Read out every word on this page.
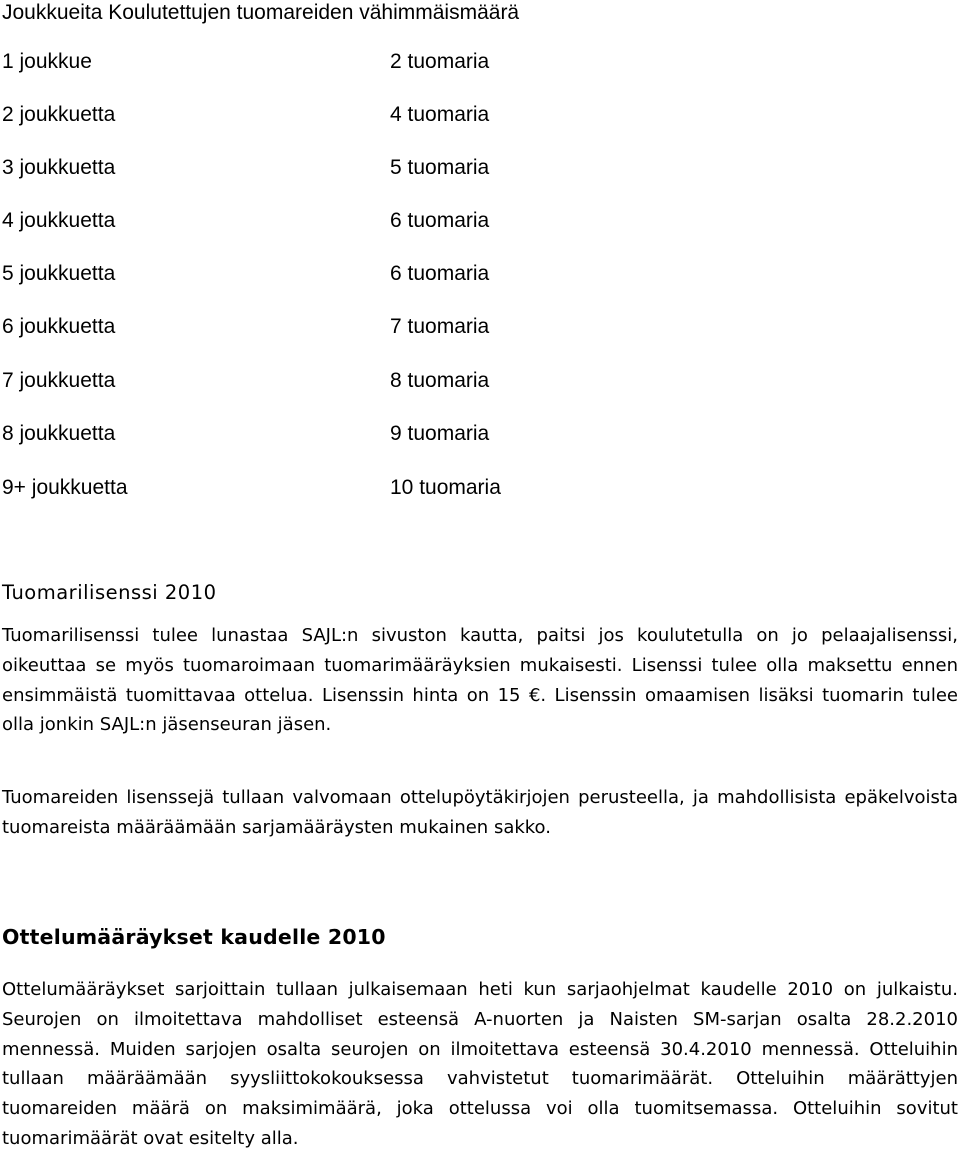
Joukkueita Koulutettujen tuomareiden vähimmäismäärä
1 joukkue	2 tuomaria
2 joukkuetta	4 tuomaria
3 joukkuetta	5 tuomaria
4 joukkuetta	6 tuomaria
5 joukkuetta	6 tuomaria
6 joukkuetta	7 tuomaria
7 joukkuetta	8 tuomaria
8 joukkuetta	9 tuomaria
9+ joukkuetta	10 tuomaria
Tuomarilisenssi 2010

Tuomarilisenssi tulee lunastaa SAJL:n sivuston kautta, paitsi jos koulutetulla on jo pelaajalisenssi, oikeuttaa se myös tuomaroimaan tuomarimääräyksien mukaisesti. Lisenssi tulee olla maksettu ennen ensimmäistä tuomittavaa ottelua. Lisenssin hinta on 15 €. Lisenssin omaamisen lisäksi tuomarin tulee olla jonkin SAJL:n jäsenseuran jäsen.

Tuomareiden lisenssejä tullaan valvomaan ottelupöytäkirjojen perusteella, ja mahdollisista epäkelvoista tuomareista määräämään sarjamääräysten mukainen sakko.

Ottelumääräykset kaudelle 2010

Ottelumääräykset sarjoittain tullaan julkaisemaan heti kun sarjaohjelmat kaudelle 2010 on julkaistu. Seurojen on ilmoitettava mahdolliset esteensä A-nuorten ja Naisten SM-sarjan osalta 28.2.2010 mennessä. Muiden sarjojen osalta seurojen on ilmoitettava esteensä 30.4.2010 mennessä. Otteluihin tullaan määräämään syysliittokokouksessa vahvistetut tuomarimäärät. Otteluihin määrättyjen tuomareiden määrä on maksimimäärä, joka ottelussa voi olla tuomitsemassa. Otteluihin sovitut tuomarimäärät ovat esitelty alla.
